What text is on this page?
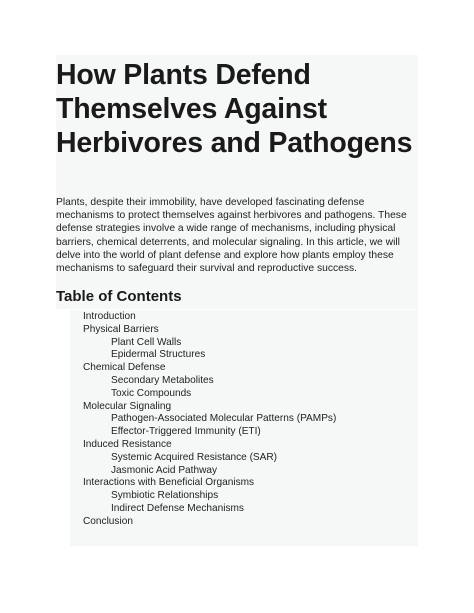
How Plants Defend Themselves Against Herbivores and Pathogens

Plants, despite their immobility, have developed fascinating defense mechanisms to protect themselves against herbivores and pathogens. These defense strategies involve a wide range of mechanisms, including physical barriers, chemical deterrents, and molecular signaling. In this article, we will delve into the world of plant defense and explore how plants employ these mechanisms to safeguard their survival and reproductive success.

Table of Contents
Introduction
Physical Barriers
Plant Cell Walls
Epidermal Structures
Chemical Defense
Secondary Metabolites
Toxic Compounds
Molecular Signaling
Pathogen-Associated Molecular Patterns (PAMPs)
Effector-Triggered Immunity (ETI)
Induced Resistance
Systemic Acquired Resistance (SAR)
Jasmonic Acid Pathway
Interactions with Beneficial Organisms
Symbiotic Relationships
Indirect Defense Mechanisms
Conclusion
